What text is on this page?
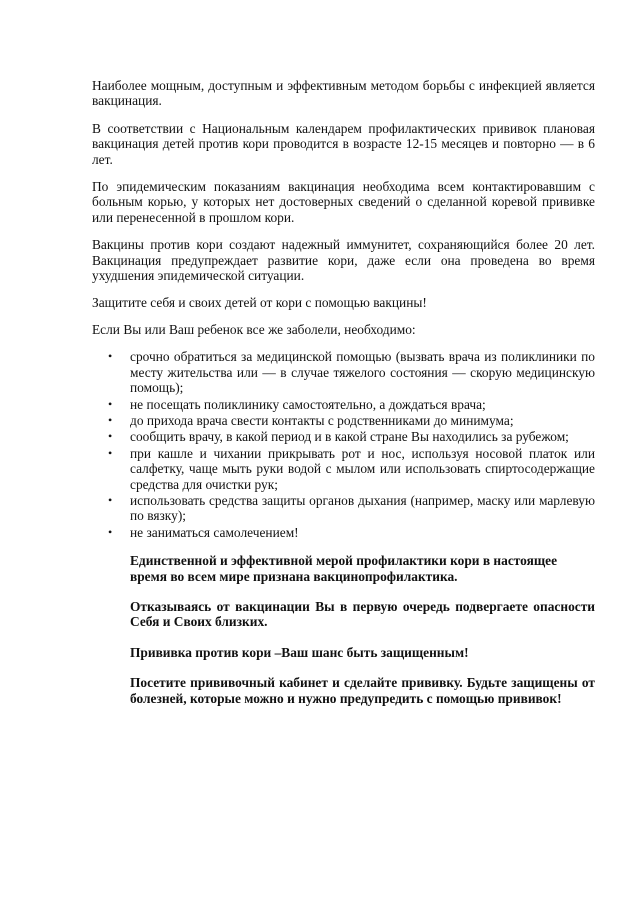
Наиболее мощным, доступным и эффективным методом борьбы с инфекцией является вакцинация.

В соответствии с Национальным календарем профилактических прививок плановая вакцинация детей против кори проводится в возрасте 12-15 месяцев и повторно — в 6 лет.

По эпидемическим показаниям вакцинация необходима всем контактировавшим с больным корью, у которых нет достоверных сведений о сделанной коревой прививке или перенесенной в прошлом кори.

Вакцины против кори создают надежный иммунитет, сохраняющийся более 20 лет. Вакцинация предупреждает развитие кори, даже если она проведена во время ухудшения эпидемической ситуации.

Защитите себя и своих детей от кори с помощью вакцины!

Если Вы или Ваш ребенок все же заболели, необходимо:

• срочно обратиться за медицинской помощью (вызвать врача из поликлиники по месту жительства или — в случае тяжелого состояния — скорую медицинскую помощь);
• не посещать поликлинику самостоятельно, а дождаться врача;
• до прихода врача свести контакты с родственниками до минимума;
• сообщить врачу, в какой период и в какой стране Вы находились за рубежом;
• при кашле и чихании прикрывать рот и нос, используя носовой платок или салфетку, чаще мыть руки водой с мылом или использовать спиртосодержащие средства для очистки рук;
• использовать средства защиты органов дыхания (например, маску или марлевую по вязку);
• не заниматься самолечением!

Единственной и эффективной мерой профилактики кори в настоящее время во всем мире признана вакцинопрофилактика.

Отказываясь от вакцинации Вы в первую очередь подвергаете опасности Себя и Своих близких.

Прививка против кори –Ваш шанс быть защищенным!

Посетите прививочный кабинет и сделайте прививку. Будьте защищены от болезней, которые можно и нужно предупредить с помощью прививок!
